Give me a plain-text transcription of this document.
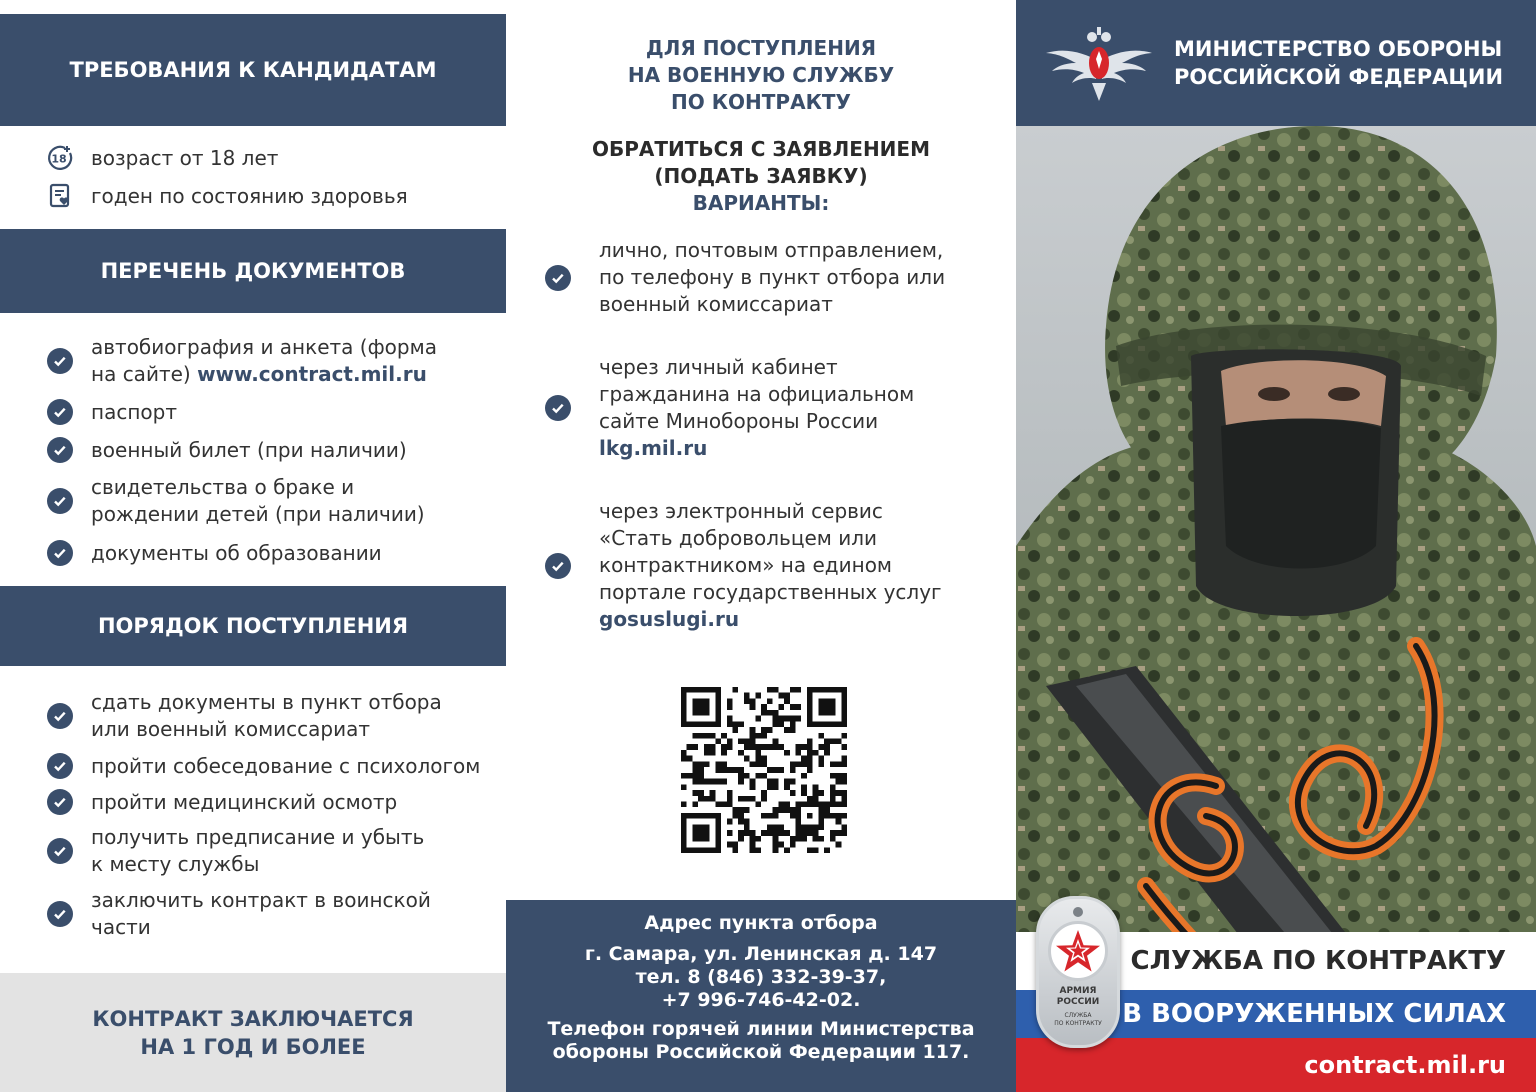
ТРЕБОВАНИЯ К КАНДИДАТАМ
18 возраст от 18 лет
годен по состоянию здоровья
ПЕРЕЧЕНЬ ДОКУМЕНТОВ
автобиография и анкета (форма
на сайте) www.contract.mil.ru
паспорт
военный билет (при наличии)
свидетельства о браке и
рождении детей (при наличии)
документы об образовании
ПОРЯДОК ПОСТУПЛЕНИЯ
сдать документы в пункт отбора
или военный комиссариат
пройти собеседование с психологом
пройти медицинский осмотр
получить предписание и убыть
к месту службы
заключить контракт в воинской
части
КОНТРАКТ ЗАКЛЮЧАЕТСЯ
НА 1 ГОД И БОЛЕЕ
ДЛЯ ПОСТУПЛЕНИЯ
НА ВОЕННУЮ СЛУЖБУ
ПО КОНТРАКТУ
ОБРАТИТЬСЯ С ЗАЯВЛЕНИЕМ
(ПОДАТЬ ЗАЯВКУ)
ВАРИАНТЫ:
лично, почтовым отправлением,
по телефону в пункт отбора или
военный комиссариат
через личный кабинет
гражданина на официальном
сайте Минобороны России
lkg.mil.ru
через электронный сервис
«Стать добровольцем или
контрактником» на едином
портале государственных услуг
gosuslugi.ru
Адрес пункта отбора
г. Самара, ул. Ленинская д. 147
тел. 8 (846) 332-39-37,
+7 996-746-42-02.
Телефон горячей линии Министерства
обороны Российской Федерации 117.
МИНИСТЕРСТВО ОБОРОНЫ
РОССИЙСКОЙ ФЕДЕРАЦИИ
СЛУЖБА ПО КОНТРАКТУ
В ВООРУЖЕННЫХ СИЛАХ
contract.mil.ru
АРМИЯ
РОССИИ
СЛУЖБА
ПО КОНТРАКТУ
